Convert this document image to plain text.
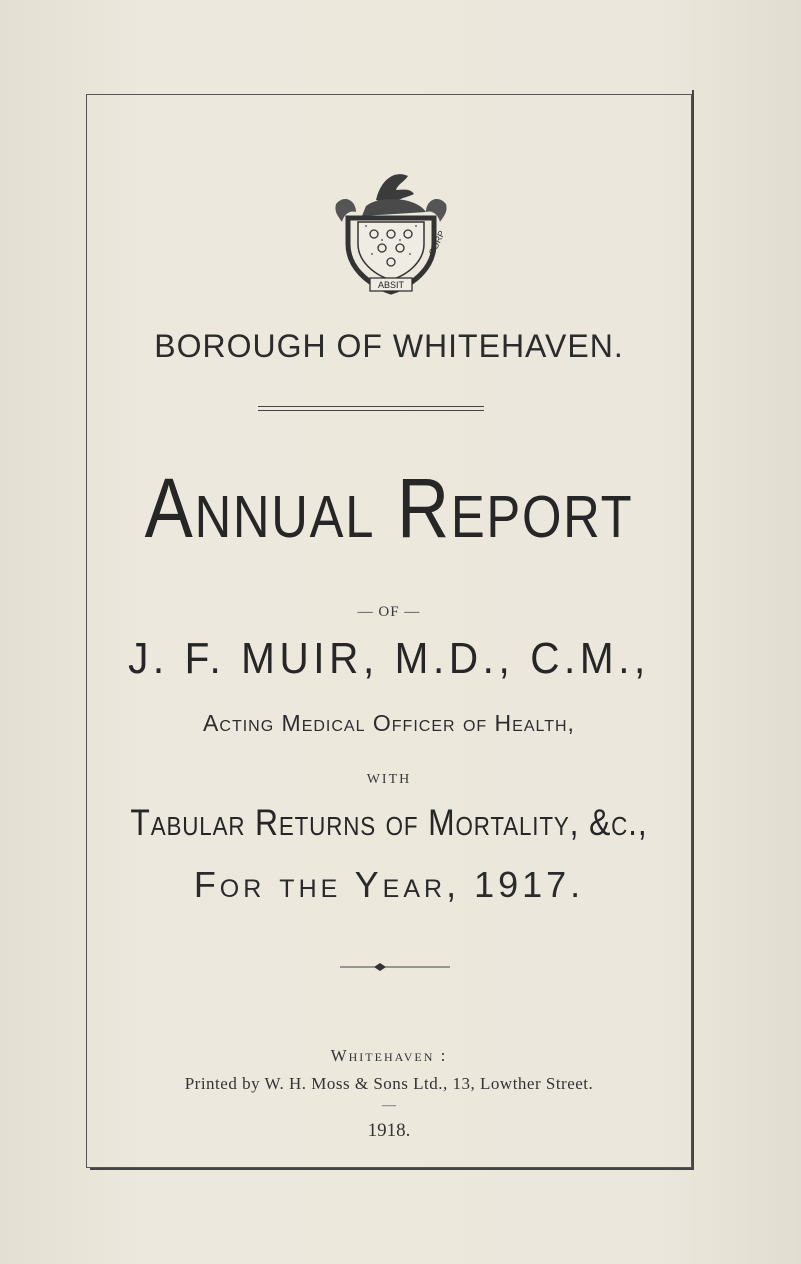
ABSIT
CORP
BOROUGH OF WHITEHAVEN.
Annual Report
— OF —
J. F. MUIR, M.D., C.M.,
Acting Medical Officer of Health,
WITH
Tabular Returns of Mortality, &c.,
For the Year, 1917.
Whitehaven :
Printed by W. H. Moss & Sons Ltd., 13, Lowther Street.
—
1918.
